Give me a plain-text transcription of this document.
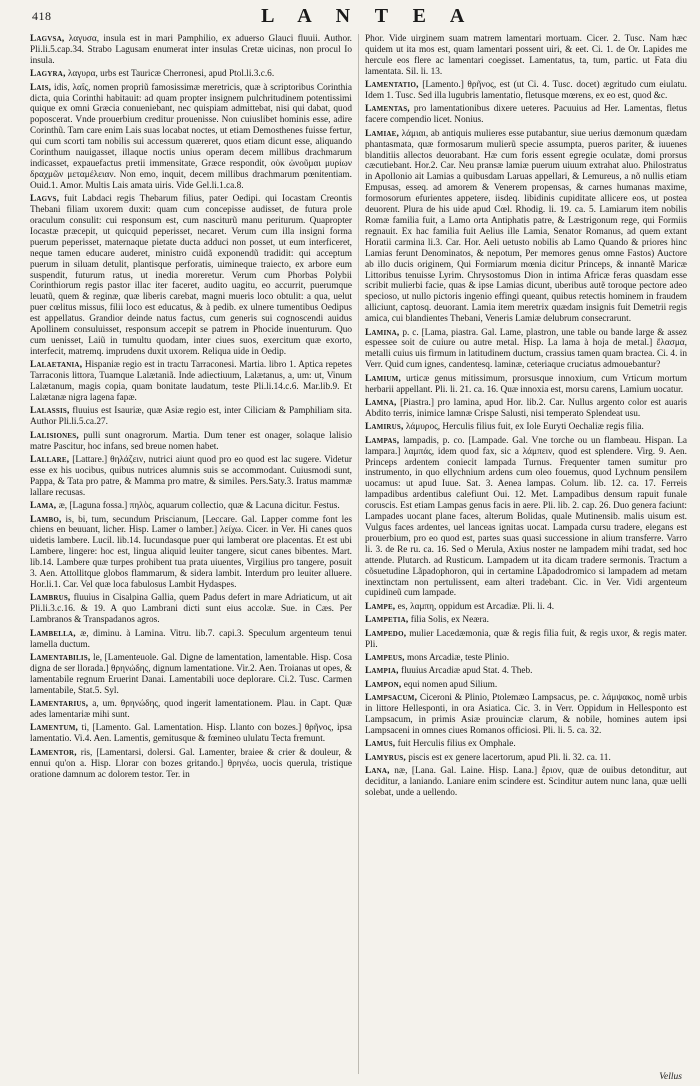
418	L A N T E A

Lagvsa, λαγυσα, insula est in mari Pamphilio, ex aduerso Glauci fluuii. Author. Pli.li.5.cap.34. Strabo Lagusam enumerat inter insulas Cretæ uicinas, non procul Io insula.

Lagyra, λαγυρα, urbs est Tauricæ Cherronesi, apud Ptol.li.3.c.6.

Lais, idis, λαΐς, nomen propriũ famosissimæ meretricis, quæ à scriptoribus Corinthia dicta, quia Corinthi habitauit: ad quam propter insignem pulchritudinem potentissimi quique ex omni Græcia conueniebant, nec quispiam admittebat, nisi qui dabat, quod poposcerat. Vnde prouerbium creditur prouenisse. Non cuiuslibet hominis esse, adire Corinthũ. Tam care enim Lais suas locabat noctes, ut etiam Demosthenes fuisse fertur, qui cum scorti tam nobilis sui accessum quæreret, quos etiam dicunt esse, aliquando Corinthum nauigasset, illaque noctis unius operam decem millibus drachmarum indicasset, expauefactus pretii immensitate, Græce respondit, οὐκ ὠνοῦμαι μυρίων δραχμῶν μεταμέλειαν. Non emo, inquit, decem millibus drachmarum pœnitentiam. Ouid.1. Amor. Multis Lais amata uiris. Vide Gel.li.1.ca.8.

Lagvs, fuit Labdaci regis Thebarum filius, pater Oedipi. qui Iocastam Creontis Thebani filiam uxorem duxit: quam cum concepisse audisset, de futura prole oraculum consulit: cui responsum est, cum nasciturũ manu periturum. Quapropter Iocastæ præcepit, ut quicquid peperisset, necaret. Verum cum illa insigni forma puerum peperisset, maternaque pietate ducta adduci non posset, ut eum interficeret, neque tamen educare auderet, ministro cuidã exponendũ tradidit: qui acceptum puerum in siluam detulit, plantisque perforatis, uimineque traiecto, ex arbore eum suspendit, futurum ratus, ut inedia moreretur. Verum cum Phorbas Polybii Corinthiorum regis pastor illac iter faceret, audito uagitu, eo accurrit, puerumque leuatũ, quem & reginæ, quæ liberis carebat, magni mueris loco obtulit: a qua, uelut puer cœlitus missus, filii loco est educatus, & à pedib. ex ulnere tumentibus Oedipus est appellatus. Grandior deinde natus factus, cum generis sui cognoscendi auidus Apollinem consuluisset, responsum accepit se patrem in Phocide inuenturum. Quo cum uenisset, Laiũ in tumultu quodam, inter ciues suos, exercitum quæ exorto, interfecit, matremq. imprudens duxit uxorem. Reliqua uide in Oedip.

Lalaetania, Hispaniæ regio est in tractu Tarraconesi. Martia. libro 1. Aptica repetes Tarraconis littora, Tuamque Lalætaniã. Inde adiectiuum, Lalætanus, a, um: ut, Vinum Lalætanum, magis copia, quam bonitate laudatum, teste Pli.li.14.c.6. Mar.lib.9. Et Lalætanæ nigra lagena fapæ.

Lalassis, fluuius est Isauriæ, quæ Asiæ regio est, inter Ciliciam & Pamphiliam sita. Author Pli.li.5.ca.27.

Lalisiones, pulli sunt onagrorum. Martia. Dum tener est onager, solaque lalisio matre Pascitur, hoc infans, sed breue nomen habet.

Lallare, [Lattare.] θηλάζειν, nutrici aiunt quod pro eo quod est lac sugere. Videtur esse ex his uocibus, quibus nutrices alumnis suis se accommodant. Cuiusmodi sunt, Pappa, & Tata pro patre, & Mamma pro matre, & similes. Pers.Saty.3. Iratus mammæ lallare recusas.

Lama, æ, [Laguna fossa.] πηλὸς, aquarum collectio, quæ & Lacuna dicitur. Festus.

Lambo, is, bi, tum, secundum Priscianum, [Leccare. Gal. Lapper comme font les chiens en beuuant, licher. Hisp. Lamer o lamber.] λείχω. Cicer. in Ver. Hi canes quos uidetis lambere. Lucil. lib.14. Iucundasque puer qui lamberat ore placentas. Et est ubi Lambere, lingere: hoc est, lingua aliquid leuiter tangere, sicut canes bibentes. Mart. lib.14. Lambere quæ turpes prohibent tua prata uiuentes, Virgilius pro tangere, posuit 3. Aen. Attollitque globos flammarum, & sidera lambit. Interdum pro leuiter alluere. Hor.li.1. Car. Vel quæ loca fabulosus Lambit Hydaspes.

Lambrus, fluuius in Cisalpina Gallia, quem Padus defert in mare Adriaticum, ut ait Pli.li.3.c.16. & 19. A quo Lambrani dicti sunt eius accolæ. Sue. in Cæs. Per Lambranos & Transpadanos agros.

Lambella, æ, diminu. à Lamina. Vitru. lib.7. capi.3. Speculum argenteum tenui lamella ductum.

Lamentabilis, le, [Lamenteuole. Gal. Digne de lamentation, lamentable. Hisp. Cosa digna de ser llorada.] θρηνώδης, dignum lamentatione. Vir.2. Aen. Troianas ut opes, & lamentabile regnum Eruerint Danai. Lamentabili uoce deplorare. Ci.2. Tusc. Carmen lamentabile, Stat.5. Syl.

Lamentarius, a, um. θρηνώδης, quod ingerit lamentationem. Plau. in Capt. Quæ ades lamentariæ mihi sunt.

Lamentum, ti, [Lamento. Gal. Lamentation. Hisp. Llanto con bozes.] θρῆνος, ipsa lamentatio. Vi.4. Aen. Lamentis, gemitusque & fœmineo ululatu Tecta fremunt.

Lamentor, ris, [Lamentarsi, dolersi. Gal. Lamenter, braiee & crier & douleur, & ennui qu'on a. Hisp. Llorar con bozes gritando.] θρηνέω, uocis querula, tristique oratione damnum ac dolorem testor. Ter. in

Phor. Vide uirginem suam matrem lamentari mortuam. Cicer. 2. Tusc. Nam hæc quidem ut ita mos est, quam lamentari possent uiri, & eet. Ci. 1. de Or. Lapides me hercule eos flere ac lamentari coegisset. Lamentatus, ta, tum, partic. ut Fata diu lamentata. Sil. li. 13.

Lamentatio, [Lamento.] θρῆνος, est (ut Ci. 4. Tusc. docet) ægritudo cum eiulatu. Idem 1. Tusc. Sed illa lugubris lamentatio, fletusque mœrens, ex eo est, quod &c.

Lamentas, pro lamentationibus dixere ueteres. Pacuuius ad Her. Lamentas, fletus facere compendio licet. Nonius.

Lamiae, λάμιαι, ab antiquis mulieres esse putabantur, siue uerius dæmonum quædam phantasmata, quæ formosarum mulierũ specie assumpta, pueros pariter, & iuuenes blanditiis allectos deuorabant. Hæ cum foris essent egregie oculatæ, domi prorsus cæcutiebant. Hor.2. Car. Neu pransæ lamiæ puerum uiuum extrahat aluo. Philostratus in Apollonio ait Lamias a quibusdam Laruas appellari, & Lemureus, a nõ nullis etiam Empusas, esseq. ad amorem & Venerem propensas, & carnes humanas maxime, formosorum efurientes appetere, iisdeq. libidinis cupiditate allicere eos, ut postea deuorent. Plura de his uide apud Cœl. Rhodig. li. 19. ca. 5. Lamiarum item nobilis Romæ familia fuit, a Lamo orta Antiphatis patre, & Læstrigonum rege, qui Formiis regnauit. Ex hac familia fuit Aelius ille Lamia, Senator Romanus, ad quem extant Horatii carmina li.3. Car. Hor. Aeli uetusto nobilis ab Lamo Quando & priores hinc Lamias ferunt Denominatos, & nepotum, Per memores genus omne Fastos) Auctore ab illo ducis originem, Qui Formiarum mœnia dicitur Princeps, & innantẽ Maricæ Littoribus tenuisse Lyrim. Chrysostomus Dion in intima Africæ feras quasdam esse scribit mulierbi facie, quas & ipse Lamias dicunt, uberibus autẽ toroque pectore adeo specioso, ut nullo pictoris ingenio effingi queant, quibus retectis hominem in fraudem alliciunt, captosq. deuorant. Lamia item meretrix quædam insignis fuit Demetrii regis amica, cui blandientes Thebani, Veneris Lamiæ delubrum consecrarunt.

Lamina, p. c. [Lama, piastra. Gal. Lame, plastron, une table ou bande large & assez espessee soit de cuiure ou autre metal. Hisp. La lama à hoja de metal.] ἔλασμα, metalli cuius uis firmum in latitudinem ductum, crassius tamen quam bractea. Ci. 4. in Verr. Quid cum ignes, candentesq. laminæ, ceteriaque cruciatus admouebantur?

Lamium, urticæ genus mitissimum, prorsusque innoxium, cum Vrticum mortum herbarii appellant. Pli. li. 21. ca. 16. Quæ innoxia est, morsu carens, Lamium uocatur.

Lamna, [Piastra.] pro lamina, apud Hor. lib.2. Car. Nullus argento color est auaris Abdito terris, inimice lamnæ Crispe Salusti, nisi temperato Splendeat usu.

Lamirus, λάμυρος, Herculis filius fuit, ex Iole Euryti Oechaliæ regis filia.

Lampas, lampadis, p. co. [Lampade. Gal. Vne torche ou un flambeau. Hispan. La lampara.] λαμπάς, idem quod fax, sic a λάμπειν, quod est splendere. Virg. 9. Aen. Princeps ardentem coniecit lampada Turnus. Frequenter tamen sumitur pro instrumento, in quo ellychnium ardens cum oleo fouemus, quod Lychnum pensilem uocamus: ut apud Iuue. Sat. 3. Aenea lampas. Colum. lib. 12. ca. 17. Ferreis lampadibus ardentibus calefiunt Oui. 12. Met. Lampadibus densum rapuit funale coruscis. Est etiam Lampas genus facis in aere. Pli. lib. 2. cap. 26. Duo genera faciunt: Lampades uocant plane faces, alterum Bolidas, quale Mutinensib. malis uisum est. Vulgus faces ardentes, uel lanceas ignitas uocat. Lampada cursu tradere, elegans est prouerbium, pro eo quod est, partes suas quasi successione in alium transferre. Varro li. 3. de Re ru. ca. 16. Sed o Merula, Axius noster ne lampadem mihi tradat, sed hoc attende. Plutarch. ad Rusticum. Lampadem ut ita dicam tradere sermonis. Tractum a cõsuetudine Lãpadophoron, qui in certamine Lãpadodromico si lampadem ad metam inextinctam non pertulissent, eam alteri tradebant. Cic. in Ver. Vidi argenteum cupidineũ cum lampade.

Lampe, es, λαμπη, oppidum est Arcadiæ. Pli. li. 4.

Lampetia, filia Solis, ex Neæra.

Lampedo, mulier Lacedæmonia, quæ & regis filia fuit, & regis uxor, & regis mater. Pli.

Lampeus, mons Arcadiæ, teste Plinio.

Lampia, fluuius Arcadiæ apud Stat. 4. Theb.

Lampon, equi nomen apud Silium.

Lampsacum, Ciceroni & Plinio, Ptolemæo Lampsacus, pe. c. λάμψακος, nomẽ urbis in littore Hellesponti, in ora Asiatica. Cic. 3. in Verr. Oppidum in Hellesponto est Lampsacum, in primis Asiæ prouinciæ clarum, & nobile, homines autem ipsi Lampsaceni in omnes ciues Romanos officiosi. Pli. li. 5. ca. 32.

Lamus, fuit Herculis filius ex Omphale.

Lamyrus, piscis est ex genere lacertorum, apud Pli. li. 32. ca. 11.

Lana, næ, [Lana. Gal. Laine. Hisp. Lana.] ἔριον, quæ de ouibus detonditur, aut deciditur, a laniando. Laniare enim scindere est. Scinditur autem nunc lana, quæ uelli solebat, unde a uellendo.

Vellus
